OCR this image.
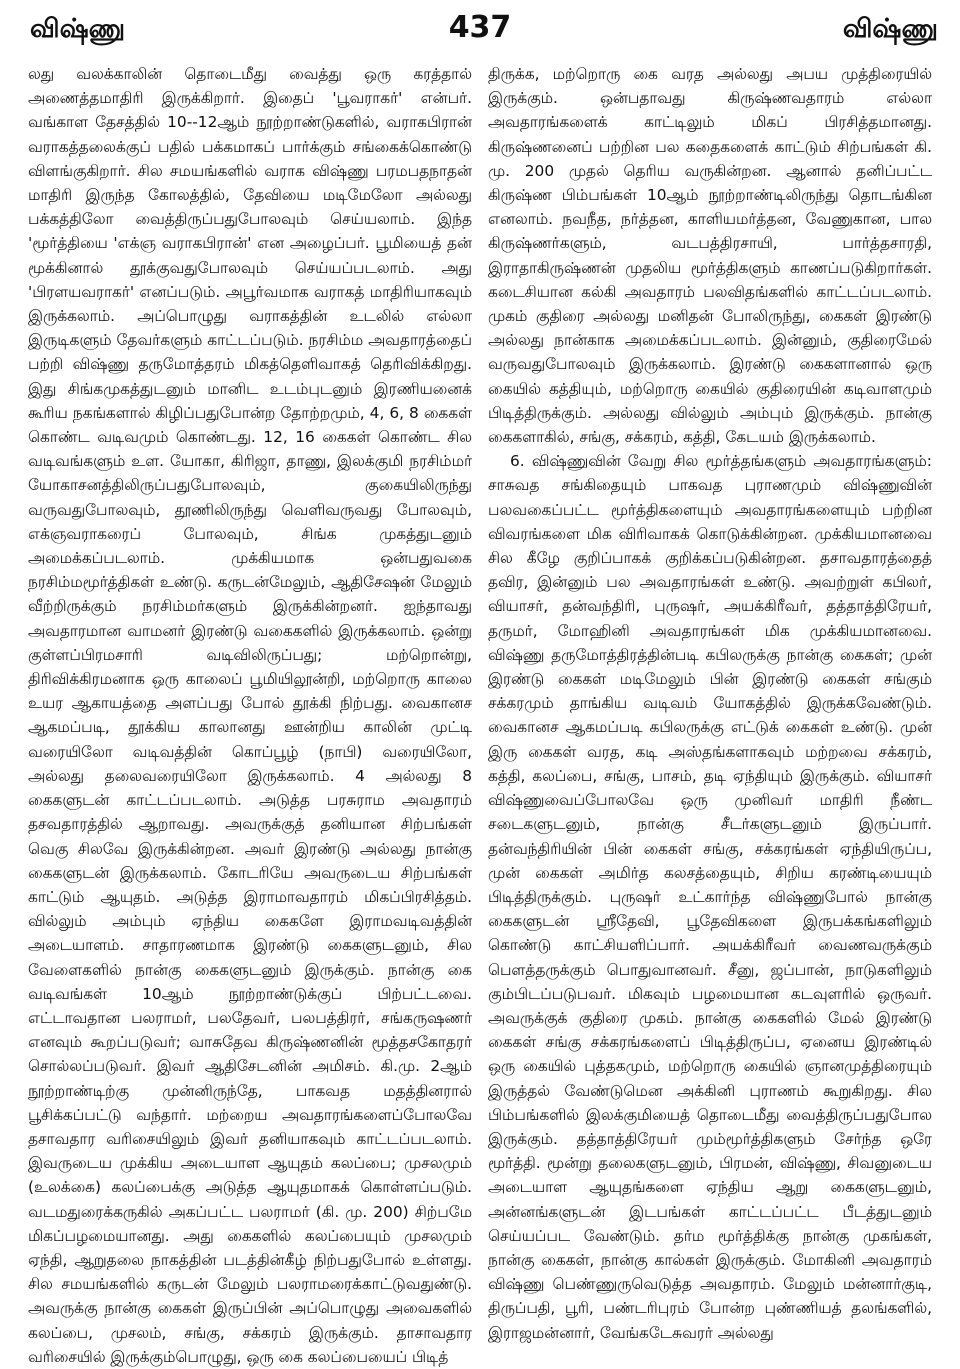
விஷ்ணு	437	விஷ்ணு

லது வலக்காலின் தொடைமீது வைத்து ஒரு கரத்தால் அணைத்தமாதிரி இருக்கிறார். இதைப் 'பூவராகர்' என்பர். வங்காள தேசத்தில் 10--12ஆம் நூற்றாண்டுகளில், வராகபிரான் வராகத்தலைக்குப் பதில் பக்கமாகப் பார்க்கும் சங்கைக்கொண்டு விளங்குகிறார். சில சமயங்களில் வராக விஷ்ணு பரமபதநாதன் மாதிரி இருந்த கோலத்தில், தேவியை மடிமேலோ அல்லது பக்கத்திலோ வைத்திருப்பதுபோலவும் செய்யலாம். இந்த 'மூர்த்தியை 'எக்ஞ வராகபிரான்' என அழைப்பர். பூமியைத் தன் மூக்கினால் தூக்குவதுபோலவும் செய்யப்படலாம். அது 'பிரளயவராகர்' எனப்படும். அபூர்வமாக வராகத் மாதிரியாகவும் இருக்கலாம். அப்பொழுது வராகத்தின் உடலில் எல்லா இருடிகளும் தேவர்களும் காட்டப்படும். நரசிம்ம அவதாரத்தைப் பற்றி விஷ்ணு தருமோத்தரம் மிகத்தெளிவாகத் தெரிவிக்கிறது. இது சிங்கமுகத்துடனும் மானிட உடம்புடனும் இரணியனைக் கூரிய நகங்களால் கிழிப்பதுபோன்ற தோற்றமும், 4, 6, 8 கைகள் கொண்ட வடிவமும் கொண்டது. 12, 16 கைகள் கொண்ட சில வடிவங்களும் உள. யோகா, கிரிஜா, தாணு, இலக்குமி நரசிம்மர் யோகாசனத்திலிருப்பதுபோலவும், குகையிலிருந்து வருவதுபோலவும், தூணிலிருந்து வெளிவருவது போலவும், எக்ஞவராகரைப் போலவும், சிங்க முகத்துடனும் அமைக்கப்படலாம். முக்கியமாக ஒன்பதுவகை நரசிம்மமூர்த்திகள் உண்டு. கருடன்மேலும், ஆதிசேஷன் மேலும் வீற்றிருக்கும் நரசிம்மர்களும் இருக்கின்றனர். ஐந்தாவது அவதாரமான வாமனர் இரண்டு வகைகளில் இருக்கலாம். ஒன்று குள்ளப்பிரமசாரி வடிவிலிருப்பது; மற்றொன்று, திரிவிக்கிரமனாக ஒரு காலைப் பூமியிலூன்றி, மற்றொரு காலை உயர ஆகாயத்தை அளப்பது போல் தூக்கி நிற்பது. வைகானச ஆகமப்படி, தூக்கிய காலானது ஊன்றிய காலின் முட்டி வரையிலோ வடிவத்தின் கொப்பூழ் (நாபி) வரையிலோ, அல்லது தலைவரையிலோ இருக்கலாம். 4 அல்லது 8 கைகளுடன் காட்டப்படலாம். அடுத்த பரசுராம அவதாரம் தசவதாரத்தில் ஆறாவது. அவருக்குத் தனியான சிற்பங்கள் வெகு சிலவே இருக்கின்றன. அவர் இரண்டு அல்லது நான்கு கைகளுடன் இருக்கலாம். கோடரியே அவருடைய சிற்பங்கள் காட்டும் ஆயுதம். அடுத்த இராமாவதாரம் மிகப்பிரசித்தம். வில்லும் அம்பும் ஏந்திய கைகளே இராமவடிவத்தின் அடையாளம். சாதாரணமாக இரண்டு கைகளுடனும், சில வேளைகளில் நான்கு கைகளுடனும் இருக்கும். நான்கு கை வடிவங்கள் 10ஆம் நூற்றாண்டுக்குப் பிற்பட்டவை. எட்டாவதான பலராமர், பலதேவர், பலபத்திரர், சங்கருஷணர் எனவும் கூறப்படுவர்; வாசுதேவ கிருஷ்ணனின் மூத்தசகோதரர் சொல்லப்படுவர். இவர் ஆதிசேடனின் அமிசம். கி.மு. 2ஆம் நூற்றாண்டிற்கு முன்னிருந்தே, பாகவத மதத்தினரால் பூசிக்கப்பட்டு வந்தார். மற்றைய அவதாரங்களைப்போலவே தசாவதார வரிசையிலும் இவர் தனியாகவும் காட்டப்படலாம். இவருடைய முக்கிய அடையாள ஆயுதம் கலப்பை; முசலமும் (உலக்கை) கலப்பைக்கு அடுத்த ஆயுதமாகக் கொள்ளப்படும். வடமதுரைக்கருகில் அகப்பட்ட பலராமர் (கி. மு. 200) சிற்பமே மிகப்பழமையானது. அது கைகளில் கலப்பையும் முசலமும் ஏந்தி, ஆறுதலை நாகத்தின் படத்தின்கீழ் நிற்பதுபோல் உள்ளது. சில சமயங்களில் கருடன் மேலும் பலராமரைக்காட்டுவதுண்டு. அவருக்கு நான்கு கைகள் இருப்பின் அப்பொழுது அவைகளில் கலப்பை, முசலம், சங்கு, சக்கரம் இருக்கும். தாசாவதார வரிசையில் இருக்கும்பொழுது, ஒரு கை கலப்பையைப் பிடித்

திருக்க, மற்றொரு கை வரத அல்லது அபய முத்திரையில் இருக்கும். ஒன்பதாவது கிருஷ்ணவதாரம் எல்லா அவதாரங்களைக் காட்டிலும் மிகப் பிரசித்தமானது. கிருஷ்ணனைப் பற்றின பல கதைகளைக் காட்டும் சிற்பங்கள் கி. மு. 200 முதல் தெரிய வருகின்றன. ஆனால் தனிப்பட்ட கிருஷ்ண பிம்பங்கள் 10ஆம் நூற்றாண்டிலிருந்து தொடங்கின எனலாம். நவநீத, நர்த்தன, காளியமர்த்தன, வேணுகான, பால கிருஷ்ணர்களும், வடபத்திரசாயி, பார்த்தசாரதி, இராதாகிருஷ்ணன் முதலிய மூர்த்திகளும் காணப்படுகிறார்கள். கடைசியான கல்கி அவதாரம் பலவிதங்களில் காட்டப்படலாம். முகம் குதிரை அல்லது மனிதன் போலிருந்து, கைகள் இரண்டு அல்லது நான்காக அமைக்கப்படலாம். இன்னும், குதிரைமேல் வருவதுபோலவும் இருக்கலாம். இரண்டு கைகளானால் ஒரு கையில் கத்தியும், மற்றொரு கையில் குதிரையின் கடிவாளமும் பிடித்திருக்கும். அல்லது வில்லும் அம்பும் இருக்கும். நான்கு கைகளாகில், சங்கு, சக்கரம், கத்தி, கேடயம் இருக்கலாம்.

6. விஷ்ணுவின் வேறு சில மூர்த்தங்களும் அவதாரங்களும்: சாசுவத சங்கிதையும் பாகவத புராணமும் விஷ்ணுவின் பலவகைப்பட்ட மூர்த்திகளையும் அவதாரங்களையும் பற்றின விவரங்களை மிக விரிவாகக் கொடுக்கின்றன. முக்கியமானவை சில கீழே குறிப்பாகக் குறிக்கப்படுகின்றன. தசாவதாரத்தைத் தவிர, இன்னும் பல அவதாரங்கள் உண்டு. அவற்றுள் கபிலர், வியாசர், தன்வந்திரி, புருஷர், அயக்கிரீவர், தத்தாத்திரேயர், தருமர், மோஹினி அவதாரங்கள் மிக முக்கியமானவை. விஷ்ணு தருமோத்திரத்தின்படி கபிலருக்கு நான்கு கைகள்; முன் இரண்டு கைகள் மடிமேலும் பின் இரண்டு கைகள் சங்கும் சக்கரமும் தாங்கிய வடிவம் யோகத்தில் இருக்கவேண்டும். வைகானச ஆகமப்படி கபிலருக்கு எட்டுக் கைகள் உண்டு. முன் இரு கைகள் வரத, கடி அஸ்தங்களாகவும் மற்றவை சக்கரம், கத்தி, கலப்பை, சங்கு, பாசம், தடி ஏந்தியும் இருக்கும். வியாசர் விஷ்ணுவைப்போலவே ஒரு முனிவர் மாதிரி நீண்ட சடைகளுடனும், நான்கு சீடர்களுடனும் இருப்பார். தன்வந்திரியின் பின் கைகள் சங்கு, சக்கரங்கள் ஏந்தியிருப்ப, முன் கைகள் அமிர்த கலசத்தையும், சிறிய கரண்டியையும் பிடித்திருக்கும். புருஷர் உட்கார்ந்த விஷ்ணுபோல் நான்கு கைகளுடன் ஸ்ரீதேவி, பூதேவிகளை இருபக்கங்களிலும் கொண்டு காட்சியளிப்பார். அயக்கிரீவர் வைணவருக்கும் பௌத்தருக்கும் பொதுவானவர். சீனு, ஜப்பான், நாடுகளிலும் கும்பிடப்படுபவர். மிகவும் பழமையான கடவுளரில் ஒருவர். அவருக்குக் குதிரை முகம். நான்கு கைகளில் மேல் இரண்டு கைகள் சங்கு சக்கரங்களைப் பிடித்திருப்ப, ஏனைய இரண்டில் ஒரு கையில் புத்தகமும், மற்றொரு கையில் ஞானமுத்திரையும் இருத்தல் வேண்டுமென அக்கினி புராணம் கூறுகிறது. சில பிம்பங்களில் இலக்குமியைத் தொடைமீது வைத்திருப்பதுபோல இருக்கும். தத்தாத்திரேயர் மும்மூர்த்திகளும் சேர்ந்த ஒரே மூர்த்தி. மூன்று தலைகளுடனும், பிரமன், விஷ்ணு, சிவனுடைய அடையாள ஆயுதங்களை ஏந்திய ஆறு கைகளுடனும், அன்னங்களுடன் இடபங்கள் காட்டப்பட்ட பீடத்துடனும் செய்யப்பட வேண்டும். தர்ம மூர்த்திக்கு நான்கு முகங்கள், நான்கு கைகள், நான்கு கால்கள் இருக்கும். மோகினி அவதாரம் விஷ்ணு பெண்ணுருவெடுத்த அவதாரம். மேலும் மன்னார்குடி, திருப்பதி, பூரி, பண்டரிபுரம் போன்ற புண்ணியத் தலங்களில், இராஜமன்னார், வேங்கடேசுவரர் அல்லது
